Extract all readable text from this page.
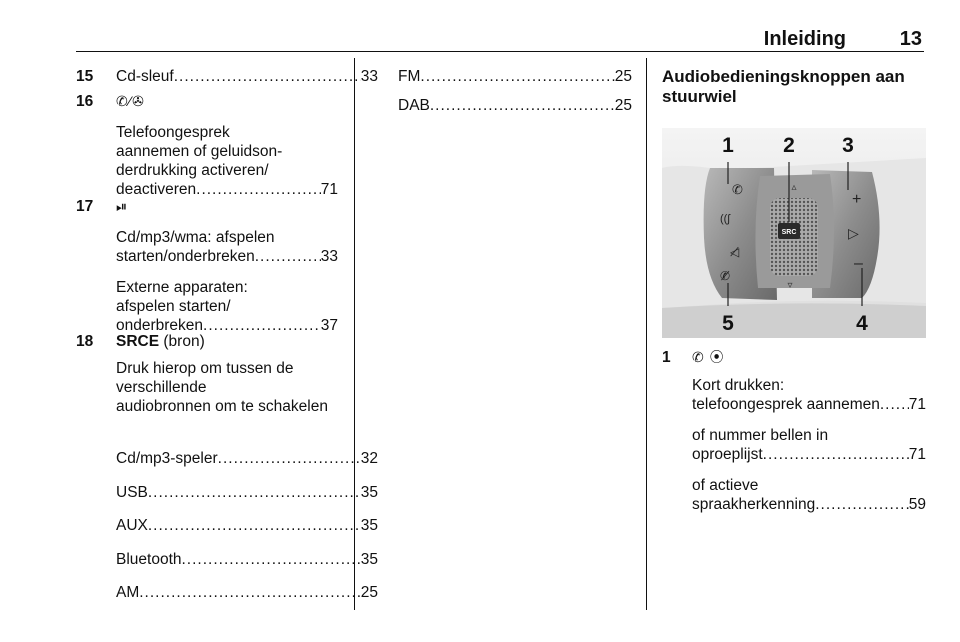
Inleiding	13
15 Cd-sleuf .....	33
16 ✆⁄✇
Telefoongesprek
aannemen of geluidson-
derdrukking activeren/
deactiveren .....	71
17 ⏯
Cd/mp3/wma: afspelen
starten/onderbreken .....	33
Externe apparaten:
afspelen starten/
onderbreken .....	37
18 SRCE (bron)
Druk hierop om tussen de
verschillende
audiobronnen om te schakelen
Cd/mp3-speler .....	32
USB .....	35
AUX .....	35
Bluetooth .....	35
AM .....	25
FM .....	25
DAB .....	25
Audiobedieningsknoppen aan
stuurwiel
SRC
▵
▿
✆
((ʃ
◁̸
✆̸
+
▷
–
1 2 3
4
5
1 ✆ ⦿
Kort drukken:
telefoongesprek aannemen ..... 71
of nummer bellen in
oproeplijst .....	71
of actieve
spraakherkenning .....	59
